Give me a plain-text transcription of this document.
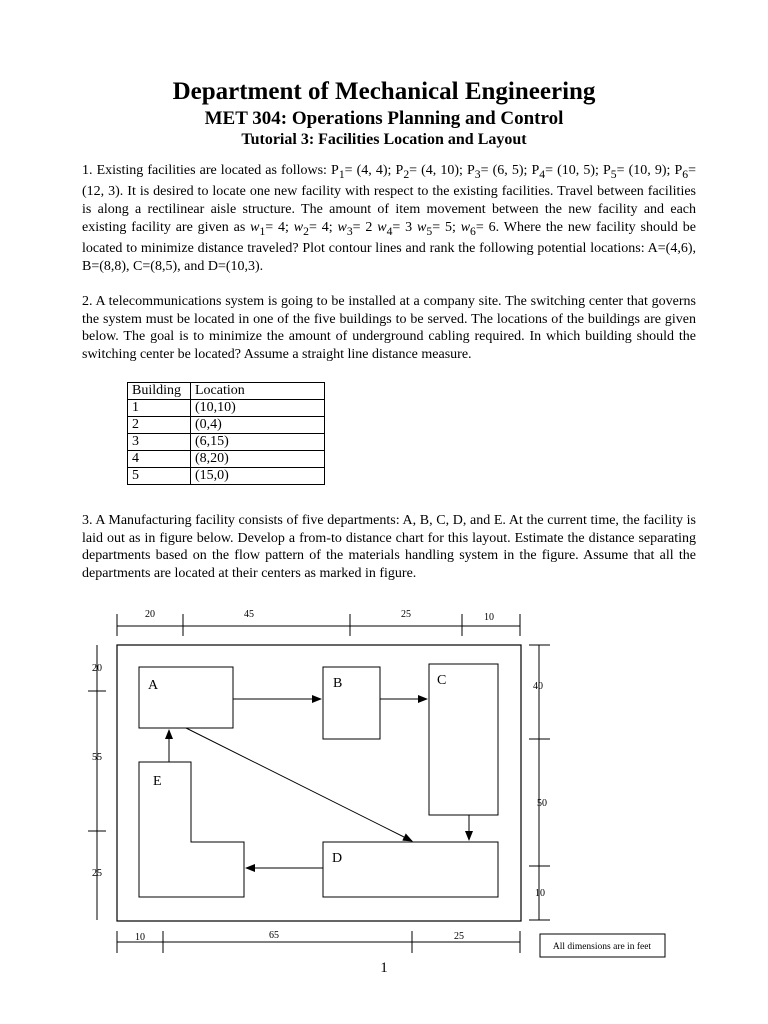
Department of Mechanical Engineering
MET 304: Operations Planning and Control
Tutorial 3: Facilities Location and Layout

1. Existing facilities are located as follows: $P_1= (4$, 4); $P_2= (4$, 10); $P_3= (6$, 5); $P_4= (10$, 5); $P_5= (10$, 9); $P_6= (12$, 3). It is desired to locate one new facility with respect to the existing facilities. Travel between facilities is along a rectilinear aisle structure. The amount of item movement between the new facility and each existing facility are given as $w_1= 4$; $w_2= 4$; $w_3= 2$ $w_4= 3$ $w_5= 5$; $w_6= 6$. Where the new facility should be located to minimize distance traveled? Plot contour lines and rank the following potential locations: A=(4,6), B=(8,8), C=(8,5), and D=(10,3).

2. A telecommunications system is going to be installed at a company site. The switching center that governs the system must be located in one of the five buildings to be served. The locations of the buildings are given below. The goal is to minimize the amount of underground cabling required. In which building should the switching center be located? Assume a straight line distance measure.

Building	Location
1	(10,10)
2	(0,4)
3	(6,15)
4	(8,20)
5	(15,0)

3. A Manufacturing facility consists of five departments: A, B, C, D, and E. At the current time, the facility is laid out as in figure below. Develop a from-to distance chart for this layout. Estimate the distance separating departments based on the flow pattern of the materials handling system in the figure. Assume that all the departments are located at their centers as marked in figure.

20	45	25	10
20
55
25
40
50
10
A	B	C
D
E
10	65	25
All dimensions are in feet
1
